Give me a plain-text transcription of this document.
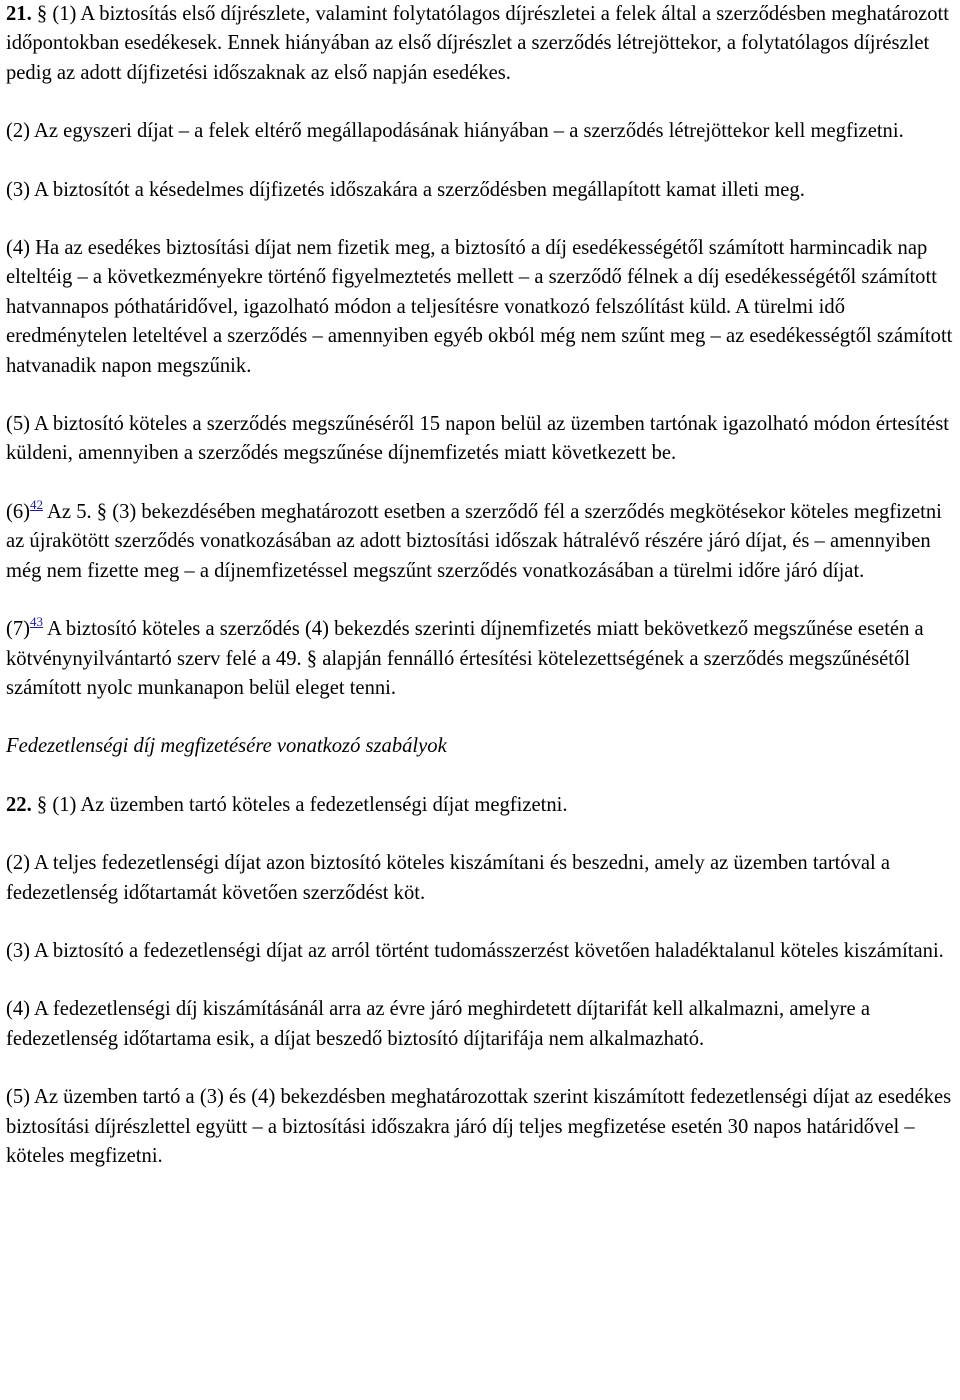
21. § (1) A biztosítás első díjrészlete, valamint folytatólagos díjrészletei a felek által a szerződésben meghatározott időpontokban esedékesek. Ennek hiányában az első díjrészlet a szerződés létrejöttekor, a folytatólagos díjrészlet pedig az adott díjfizetési időszaknak az első napján esedékes.

(2) Az egyszeri díjat – a felek eltérő megállapodásának hiányában – a szerződés létrejöttekor kell megfizetni.

(3) A biztosítót a késedelmes díjfizetés időszakára a szerződésben megállapított kamat illeti meg.

(4) Ha az esedékes biztosítási díjat nem fizetik meg, a biztosító a díj esedékességétől számított harmincadik nap elteltéig – a következményekre történő figyelmeztetés mellett – a szerződő félnek a díj esedékességétől számított hatvannapos póthatáridővel, igazolható módon a teljesítésre vonatkozó felszólítást küld. A türelmi idő eredménytelen leteltével a szerződés – amennyiben egyéb okból még nem szűnt meg – az esedékességtől számított hatvanadik napon megszűnik.

(5) A biztosító köteles a szerződés megszűnéséről 15 napon belül az üzemben tartónak igazolható módon értesítést küldeni, amennyiben a szerződés megszűnése díjnemfizetés miatt következett be.

(6)$^{42}$ Az 5. § (3) bekezdésében meghatározott esetben a szerződő fél a szerződés megkötésekor köteles megfizetni az újrakötött szerződés vonatkozásában az adott biztosítási időszak hátralévő részére járó díjat, és – amennyiben még nem fizette meg – a díjnemfizetéssel megszűnt szerződés vonatkozásában a türelmi időre járó díjat.

(7)$^{43}$ A biztosító köteles a szerződés (4) bekezdés szerinti díjnemfizetés miatt bekövetkező megszűnése esetén a kötvénynyilvántartó szerv felé a 49. § alapján fennálló értesítési kötelezettségének a szerződés megszűnésétől számított nyolc munkanapon belül eleget tenni.

Fedezetlenségi díj megfizetésére vonatkozó szabályok

22. § (1) Az üzemben tartó köteles a fedezetlenségi díjat megfizetni.

(2) A teljes fedezetlenségi díjat azon biztosító köteles kiszámítani és beszedni, amely az üzemben tartóval a fedezetlenség időtartamát követően szerződést köt.

(3) A biztosító a fedezetlenségi díjat az arról történt tudomásszerzést követően haladéktalanul köteles kiszámítani.

(4) A fedezetlenségi díj kiszámításánál arra az évre járó meghirdetett díjtarifát kell alkalmazni, amelyre a fedezetlenség időtartama esik, a díjat beszedő biztosító díjtarifája nem alkalmazható.

(5) Az üzemben tartó a (3) és (4) bekezdésben meghatározottak szerint kiszámított fedezetlenségi díjat az esedékes biztosítási díjrészlettel együtt – a biztosítási időszakra járó díj teljes megfizetése esetén 30 napos határidővel – köteles megfizetni.
